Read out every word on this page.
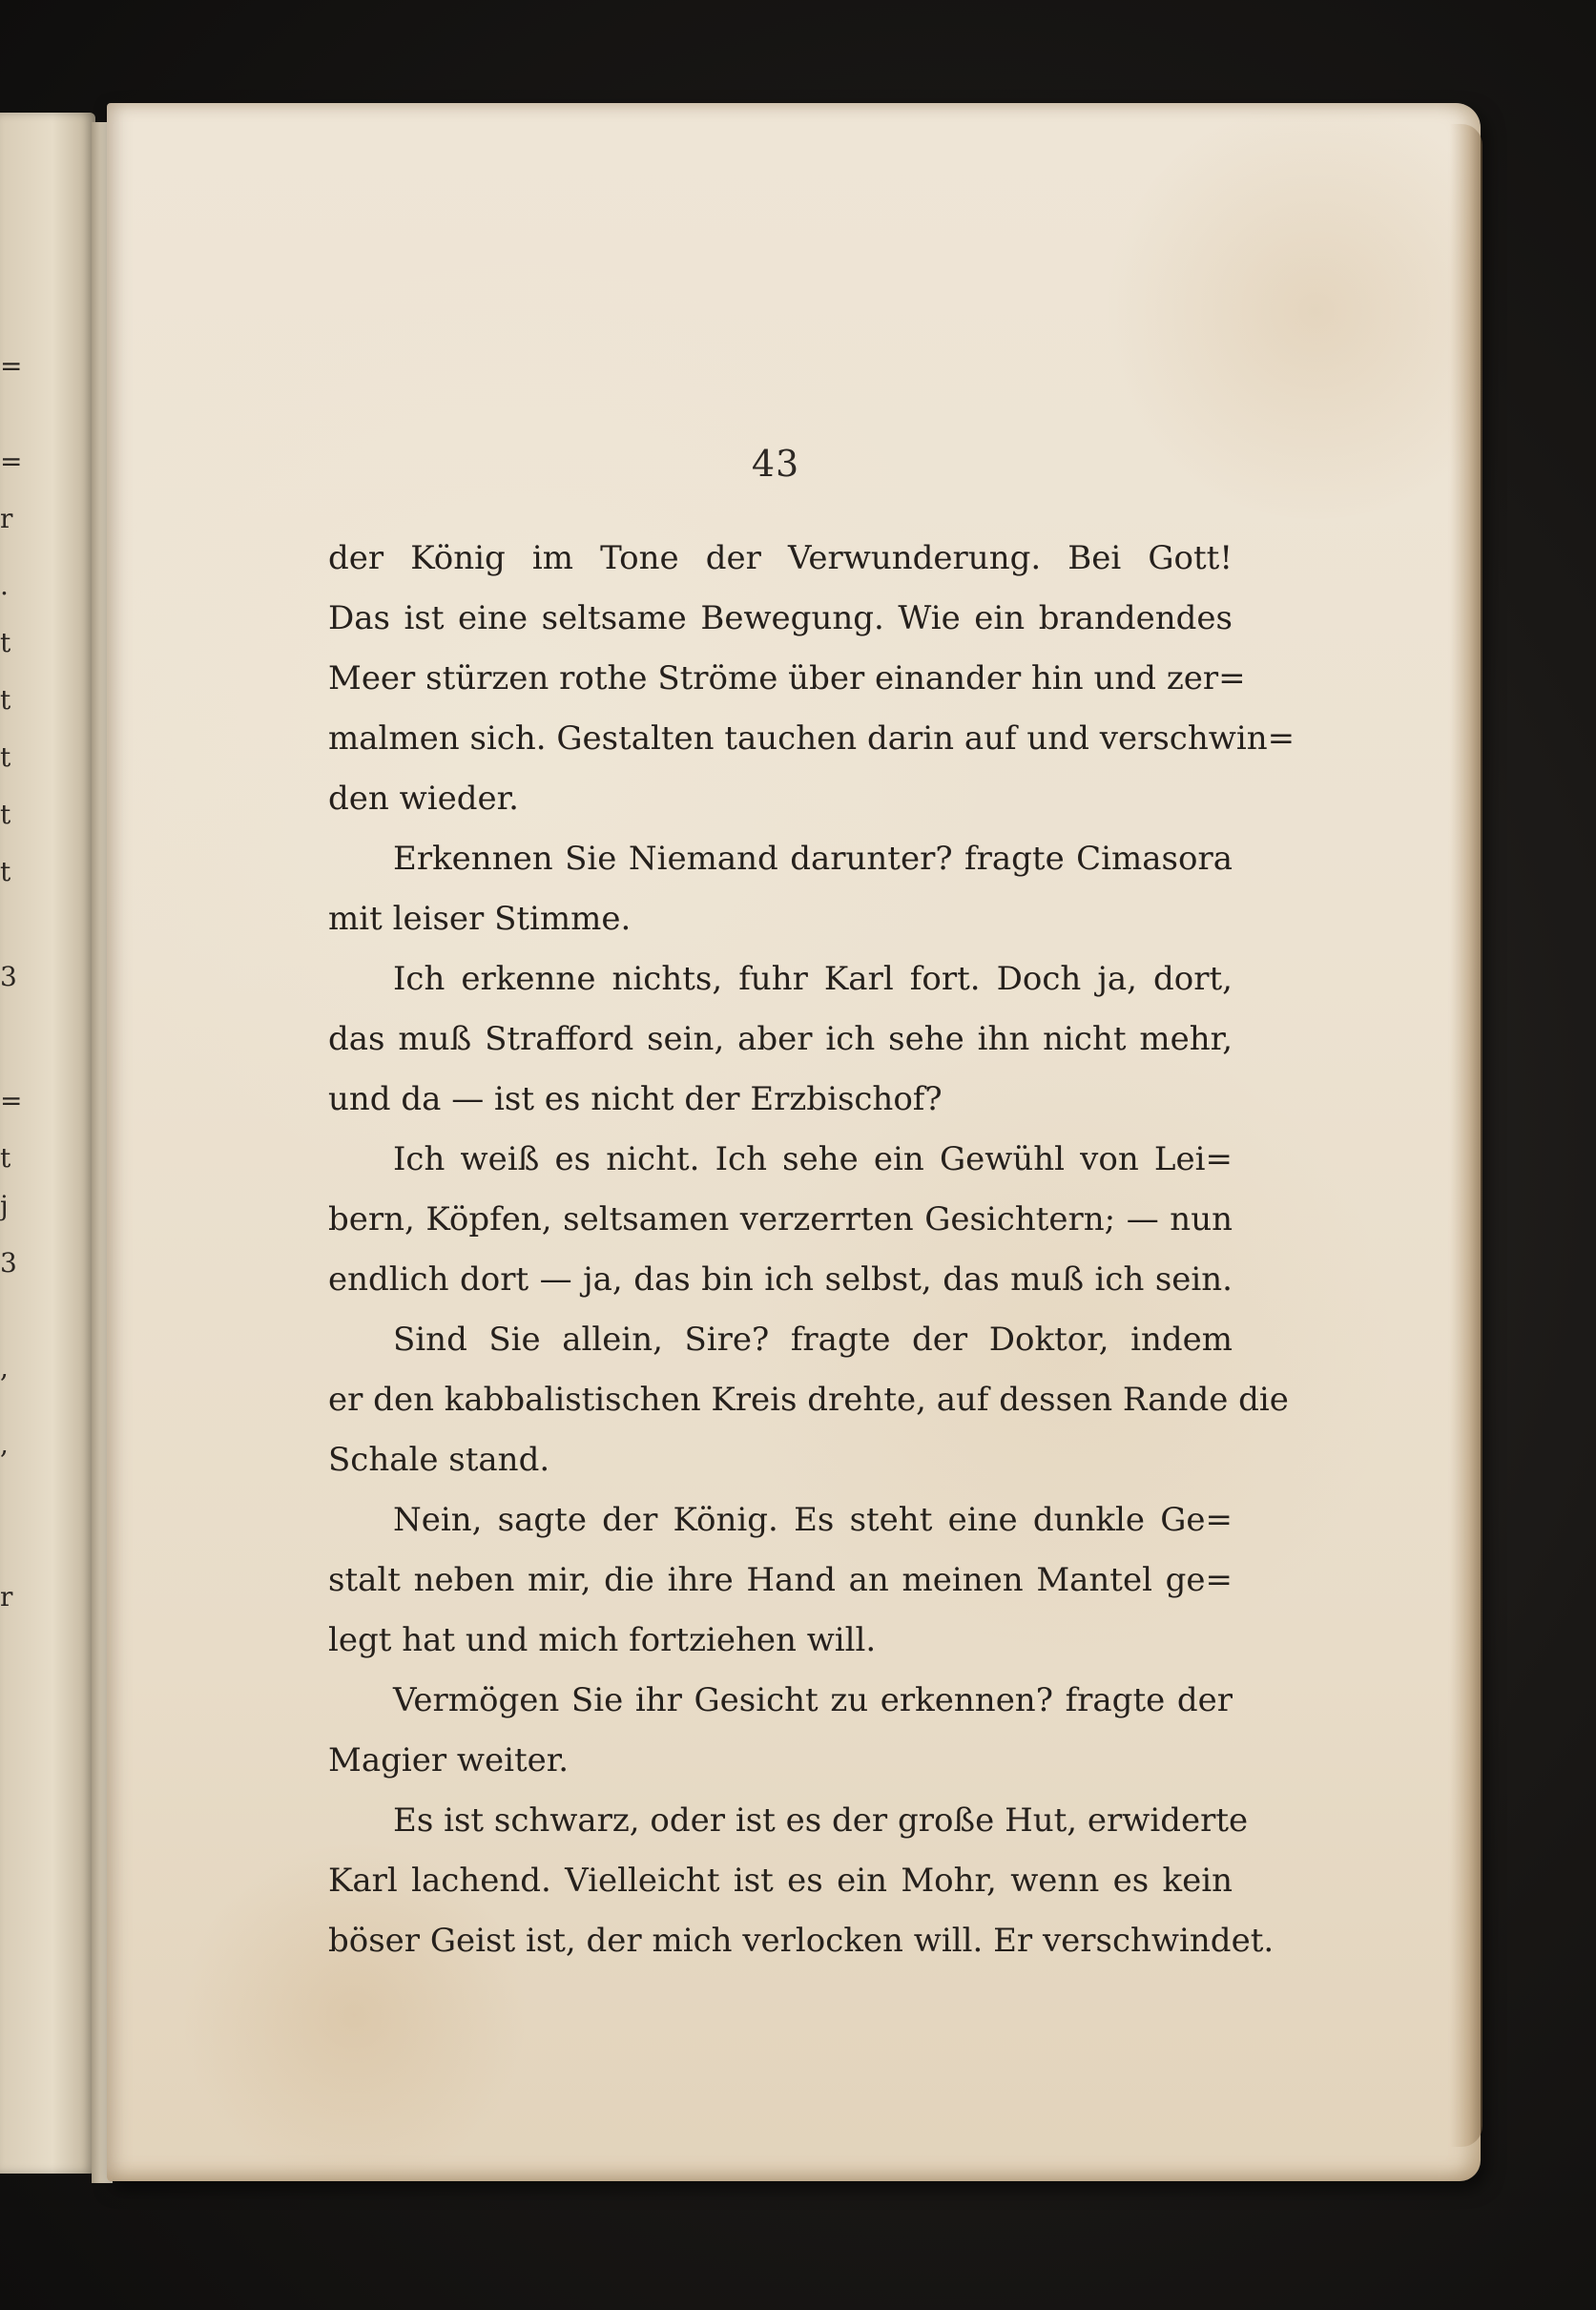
=
=
r
.
t
t
t
t
t
3
=
t
j
3
,
,
r
43
der König im Tone der Verwunderung. Bei Gott!
Das ist eine seltsame Bewegung. Wie ein brandendes
Meer stürzen rothe Ströme über einander hin und zer=
malmen sich. Gestalten tauchen darin auf und verschwin=
den wieder.
Erkennen Sie Niemand darunter? fragte Cimasora
mit leiser Stimme.
Ich erkenne nichts, fuhr Karl fort. Doch ja, dort,
das muß Strafford sein, aber ich sehe ihn nicht mehr,
und da — ist es nicht der Erzbischof?
Ich weiß es nicht. Ich sehe ein Gewühl von Lei=
bern, Köpfen, seltsamen verzerrten Gesichtern; — nun
endlich dort — ja, das bin ich selbst, das muß ich sein.
Sind Sie allein, Sire? fragte der Doktor, indem
er den kabbalistischen Kreis drehte, auf dessen Rande die
Schale stand.
Nein, sagte der König. Es steht eine dunkle Ge=
stalt neben mir, die ihre Hand an meinen Mantel ge=
legt hat und mich fortziehen will.
Vermögen Sie ihr Gesicht zu erkennen? fragte der
Magier weiter.
Es ist schwarz, oder ist es der große Hut, erwiderte
Karl lachend. Vielleicht ist es ein Mohr, wenn es kein
böser Geist ist, der mich verlocken will. Er verschwindet.
